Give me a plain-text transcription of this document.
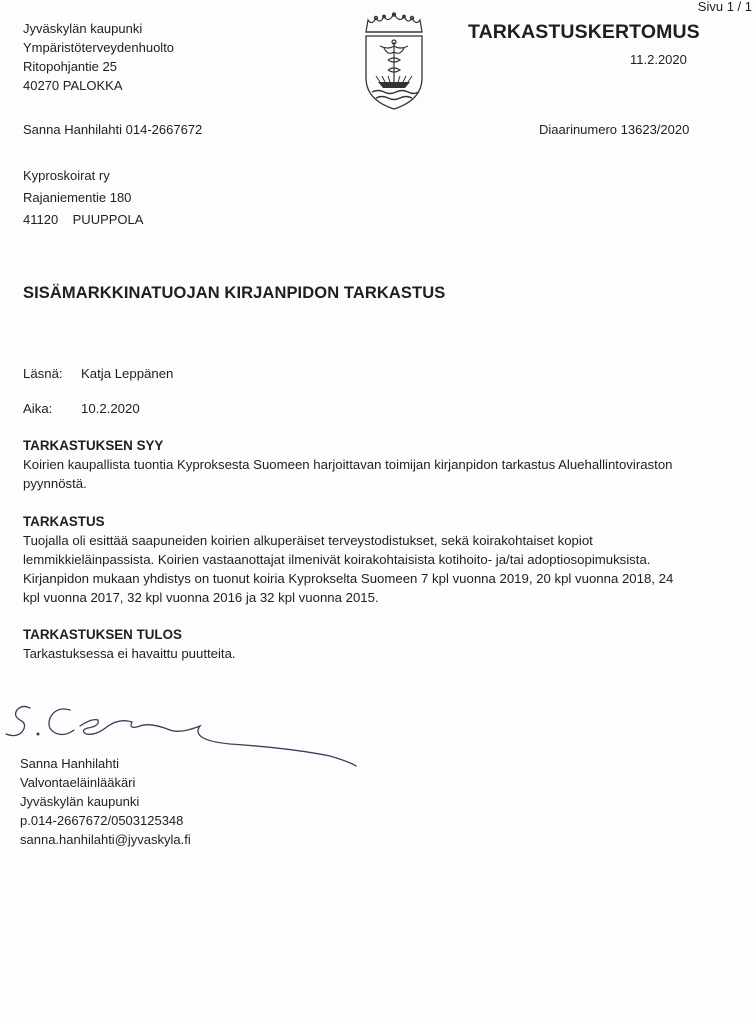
Sivu 1 / 1
Jyväskylän kaupunki
Ympäristöterveydenhuolto
Ritopohjantie 25
40270 PALOKKA
TARKASTUSKERTOMUS
11.2.2020
Sanna Hanhilahti 014-2667672	Diaarinumero 13623/2020
Kyproskoirat ry
Rajaniementie 180
41120    PUUPPOLA
SISÄMARKKINATUOJAN KIRJANPIDON TARKASTUS
Läsnä: Katja Leppänen
Aika: 10.2.2020
TARKASTUKSEN SYY

Koirien kaupallista tuontia Kyproksesta Suomeen harjoittavan toimijan kirjanpidon tarkastus Aluehallintoviraston

pyynnöstä.

TARKASTUS

Tuojalla oli esittää saapuneiden koirien alkuperäiset terveystodistukset, sekä koirakohtaiset kopiot

lemmikkieläinpassista. Koirien vastaanottajat ilmenivät koirakohtaisista kotihoito- ja/tai adoptiosopimuksista.

Kirjanpidon mukaan yhdistys on tuonut koiria Kyprokselta Suomeen 7 kpl vuonna 2019, 20 kpl vuonna 2018, 24

kpl vuonna 2017, 32 kpl vuonna 2016 ja 32 kpl vuonna 2015.

TARKASTUKSEN TULOS

Tarkastuksessa ei havaittu puutteita.

Sanna Hanhilahti
Valvontaeläinlääkäri
Jyväskylän kaupunki
p.014-2667672/0503125348
sanna.hanhilahti@jyvaskyla.fi
